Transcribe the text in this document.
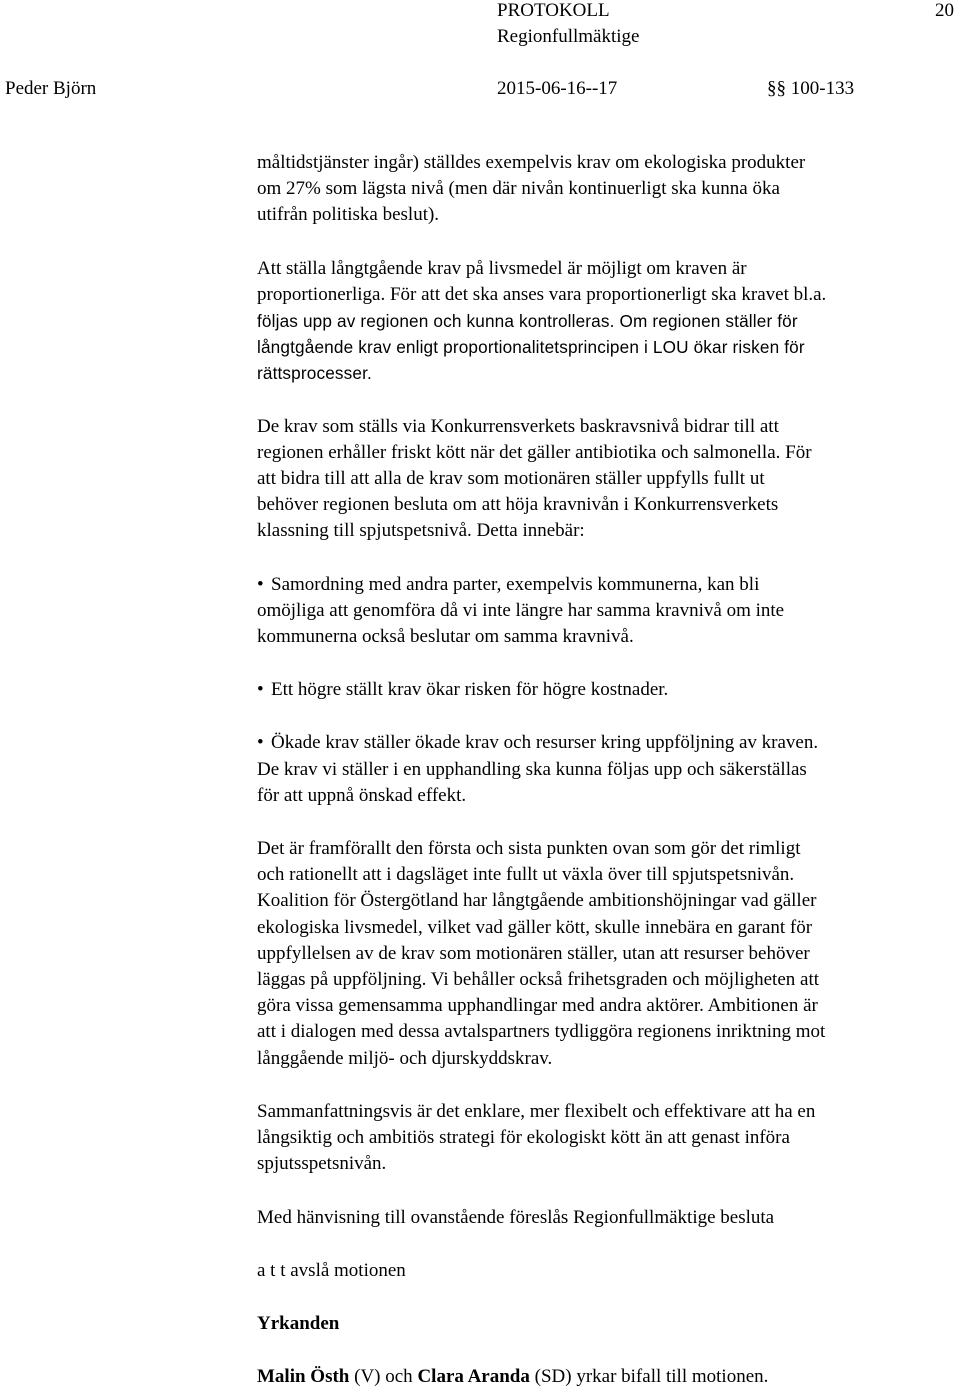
PROTOKOLL	20
Regionfullmäktige
Peder Björn	2015-06-16--17	§§ 100-133
måltidstjänster ingår) ställdes exempelvis krav om ekologiska produkter
om 27% som lägsta nivå (men där nivån kontinuerligt ska kunna öka
utifrån politiska beslut).
Att ställa långtgående krav på livsmedel är möjligt om kraven är
proportionerliga. För att det ska anses vara proportionerligt ska kravet bl.a.
följas upp av regionen och kunna kontrolleras. Om regionen ställer för
långtgående krav enligt proportionalitetsprincipen i LOU ökar risken för
rättsprocesser.
De krav som ställs via Konkurrensverkets baskravsnivå bidrar till att
regionen erhåller friskt kött när det gäller antibiotika och salmonella. För
att bidra till att alla de krav som motionären ställer uppfylls fullt ut
behöver regionen besluta om att höja kravnivån i Konkurrensverkets
klassning till spjutspetsnivå. Detta innebär:
• Samordning med andra parter, exempelvis kommunerna, kan bli
omöjliga att genomföra då vi inte längre har samma kravnivå om inte
kommunerna också beslutar om samma kravnivå.
• Ett högre ställt krav ökar risken för högre kostnader.
• Ökade krav ställer ökade krav och resurser kring uppföljning av kraven.
De krav vi ställer i en upphandling ska kunna följas upp och säkerställas
för att uppnå önskad effekt.
Det är framförallt den första och sista punkten ovan som gör det rimligt
och rationellt att i dagsläget inte fullt ut växla över till spjutspetsnivån.
Koalition för Östergötland har långtgående ambitionshöjningar vad gäller
ekologiska livsmedel, vilket vad gäller kött, skulle innebära en garant för
uppfyllelsen av de krav som motionären ställer, utan att resurser behöver
läggas på uppföljning. Vi behåller också frihetsgraden och möjligheten att
göra vissa gemensamma upphandlingar med andra aktörer. Ambitionen är
att i dialogen med dessa avtalspartners tydliggöra regionens inriktning mot
långgående miljö- och djurskyddskrav.
Sammanfattningsvis är det enklare, mer flexibelt och effektivare att ha en
långsiktig och ambitiös strategi för ekologiskt kött än att genast införa
spjutsspetsnivån.
Med hänvisning till ovanstående föreslås Regionfullmäktige besluta
a t t avslå motionen
Yrkanden
Malin Östh (V) och Clara Aranda (SD) yrkar bifall till motionen.
